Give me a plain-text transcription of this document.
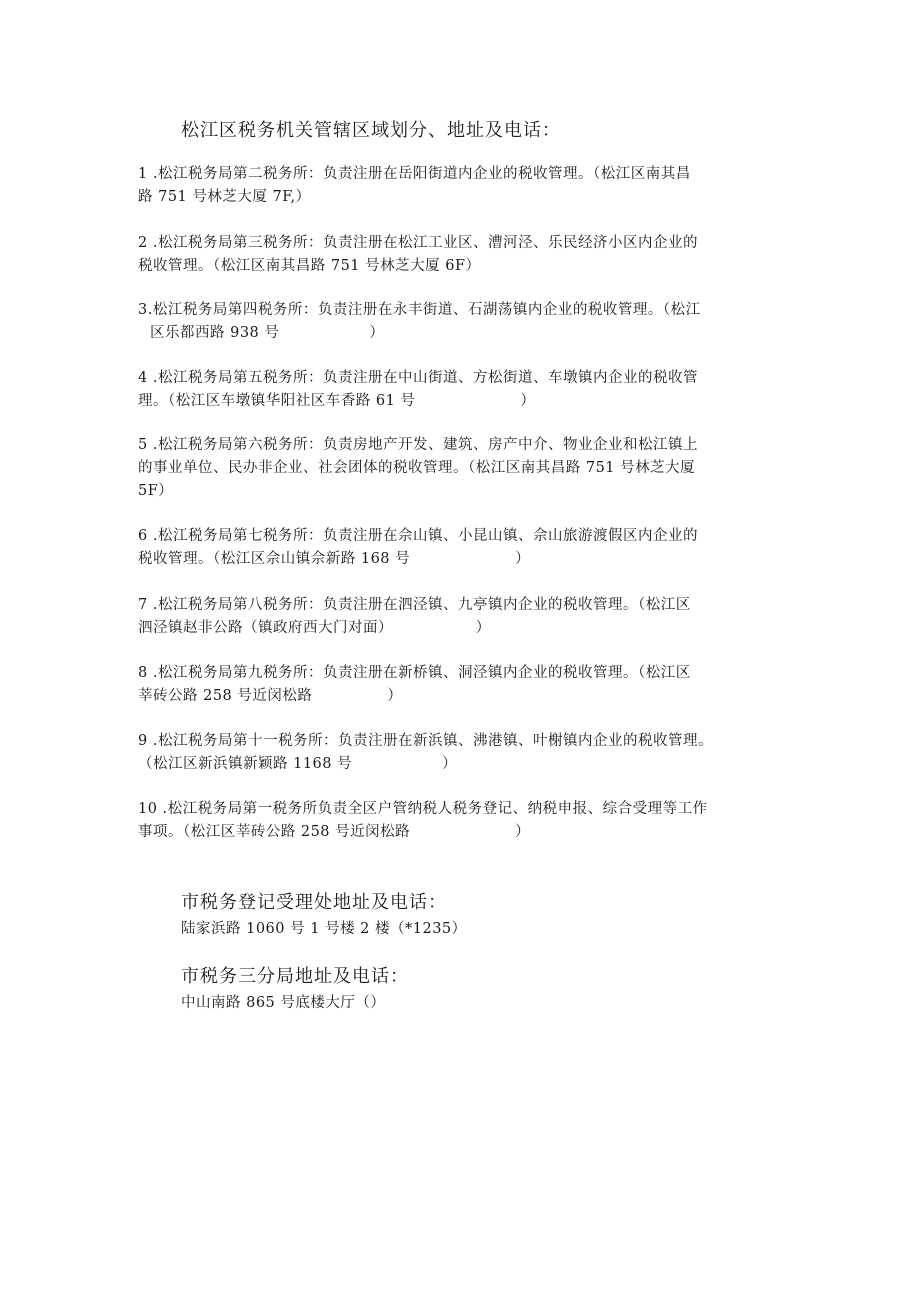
松江区税务机关管辖区域划分、地址及电话：
1 .松江税务局第二税务所：负责注册在岳阳街道内企业的税收管理。（松江区南其昌
路 751 号林芝大厦 7F,）
2 .松江税务局第三税务所：负责注册在松江工业区、漕河泾、乐民经济小区内企业的
税收管理。（松江区南其昌路 751 号林芝大厦 6F）
3.松江税务局第四税务所：负责注册在永丰街道、石湖荡镇内企业的税收管理。（松江
区乐都西路 938 号　　　　　　）
4 .松江税务局第五税务所：负责注册在中山街道、方松街道、车墩镇内企业的税收管
理。（松江区车墩镇华阳社区车香路 61 号　　　　　　　）
5 .松江税务局第六税务所：负责房地产开发、建筑、房产中介、物业企业和松江镇上
的事业单位、民办非企业、社会团体的税收管理。（松江区南其昌路 751 号林芝大厦
5F）
6 .松江税务局第七税务所：负责注册在佘山镇、小昆山镇、佘山旅游渡假区内企业的
税收管理。（松江区佘山镇佘新路 168 号　　　　　　　）
7 .松江税务局第八税务所：负责注册在泗泾镇、九亭镇内企业的税收管理。（松江区
泗泾镇赵非公路（镇政府西大门对面）　　　　　　）
8 .松江税务局第九税务所：负责注册在新桥镇、洞泾镇内企业的税收管理。（松江区
莘砖公路 258 号近闵松路　　　　　）
9 .松江税务局第十一税务所：负责注册在新浜镇、沸港镇、叶榭镇内企业的税收管理。
（松江区新浜镇新颖路 1168 号　　　　　　）
10 .松江税务局第一税务所负责全区户管纳税人税务登记、纳税申报、综合受理等工作
事项。（松江区莘砖公路 258 号近闵松路　　　　　　　）
市税务登记受理处地址及电话：
陆家浜路 1060 号 1 号楼 2 楼（*1235）
市税务三分局地址及电话：
中山南路 865 号底楼大厅（）
